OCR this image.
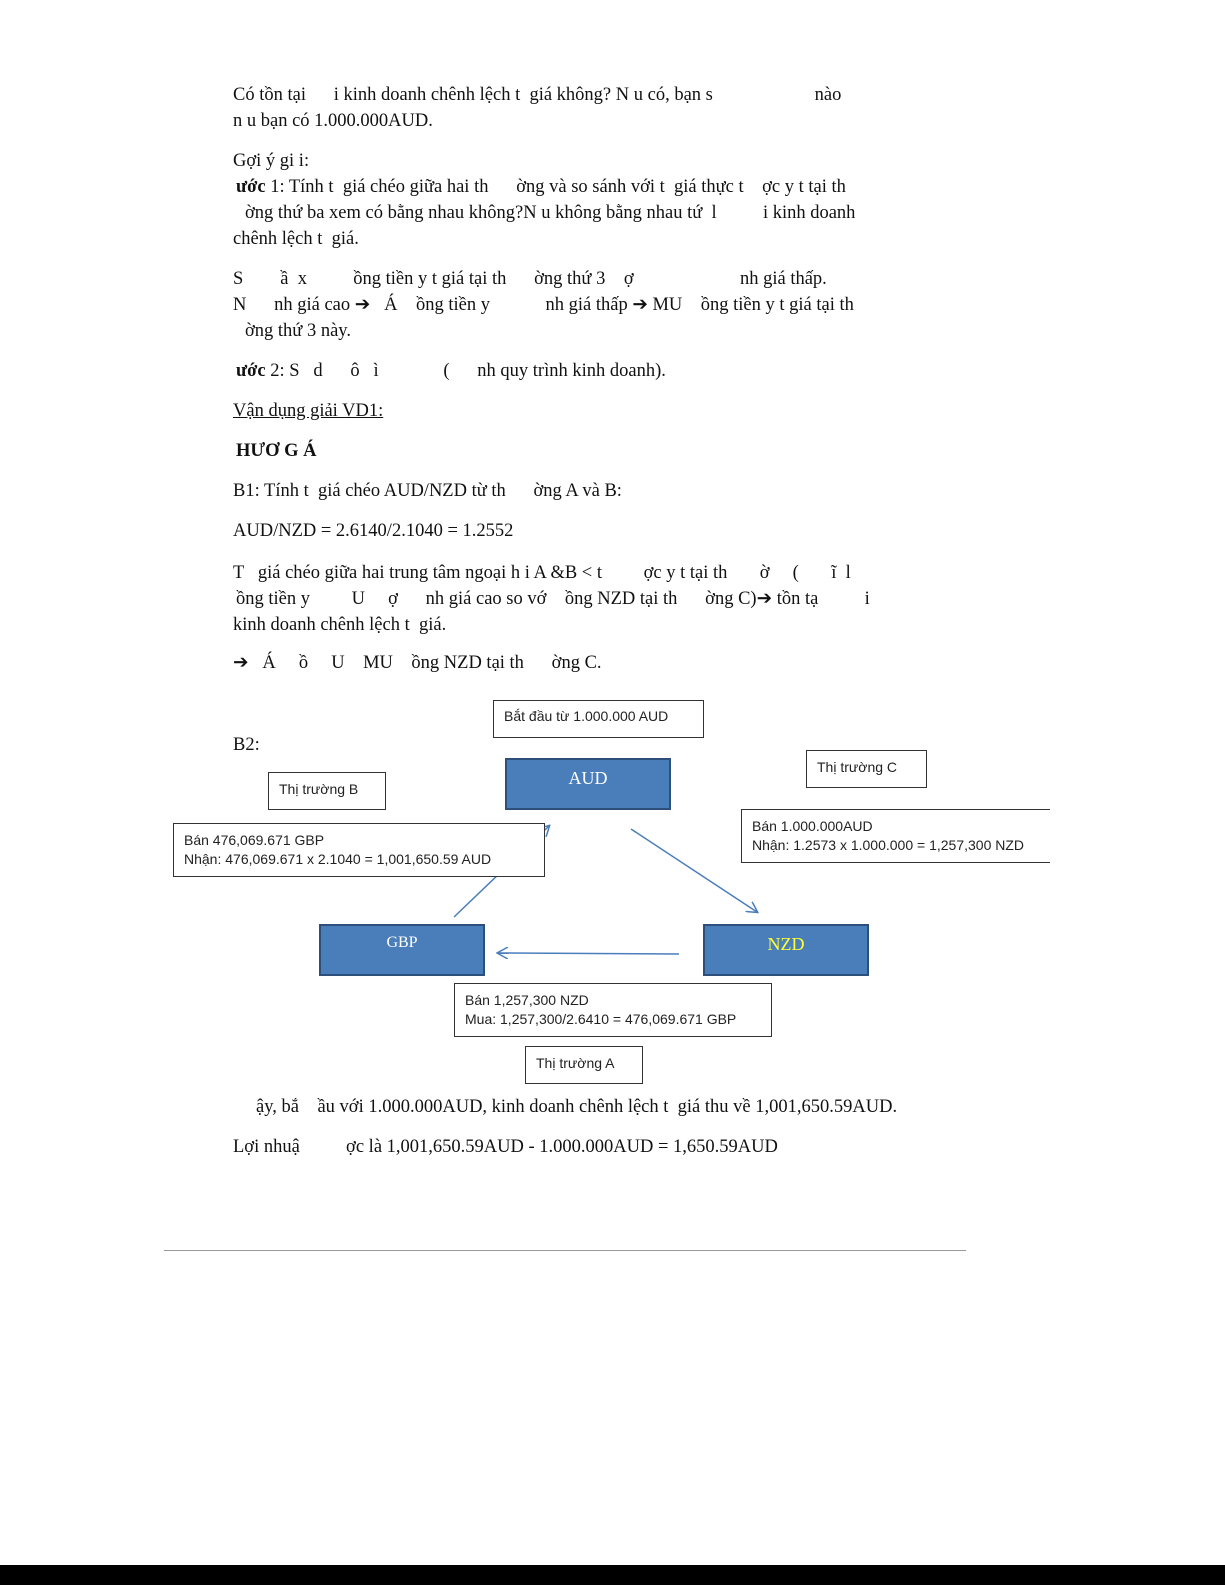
Có tồn tại      i kinh doanh chênh lệch t  giá không? N u có, bạn s                      nào
n u bạn có 1.000.000AUD.
Gợi ý gi i:
ước 1: Tính t  giá chéo giữa hai th      ờng và so sánh với t  giá thực t    ợc y t tại th
ờng thứ ba xem có bằng nhau không?N u không bằng nhau tứ  l          i kinh doanh
chênh lệch t  giá.
S        ầ  x          ồng tiền y t giá tại th      ờng thứ 3    ợ                       nh giá thấp.
N      nh giá cao ➔   Á    ồng tiền y            nh giá thấp ➔ MU    ồng tiền y t giá tại th
ờng thứ 3 này.
ước 2: S   d      ô   ì              (      nh quy trình kinh doanh).
Vận dụng giải VD1:
HƯƠ G Á
B1: Tính t  giá chéo AUD/NZD từ th      ờng A và B:
AUD/NZD = 2.6140/2.1040 = 1.2552
T   giá chéo giữa hai trung tâm ngoại h i A &B < t         ợc y t tại th       ờ     (       ĩ  l
ồng tiền y         U     ợ      nh giá cao so vớ    ồng NZD tại th      ờng C)➔ tồn tạ          i
kinh doanh chênh lệch t  giá.
➔   Á     ồ     U    MU    ồng NZD tại th      ờng C.
B2:
Bắt đầu từ 1.000.000 AUD
Thị trường C
Thị trường B
Thị trường A
AUD
GBP	NZD
Bán 476,069.671 GBP
Nhận: 476,069.671 x 2.1040 = 1,001,650.59 AUD
Bán 1.000.000AUD
Nhận: 1.2573 x 1.000.000 = 1,257,300 NZD
Bán 1,257,300 NZD
Mua: 1,257,300/2.6410 = 476,069.671 GBP
ậy, bắ    ầu với 1.000.000AUD, kinh doanh chênh lệch t  giá thu về 1,001,650.59AUD.
Lợi nhuậ          ợc là 1,001,650.59AUD - 1.000.000AUD = 1,650.59AUD
